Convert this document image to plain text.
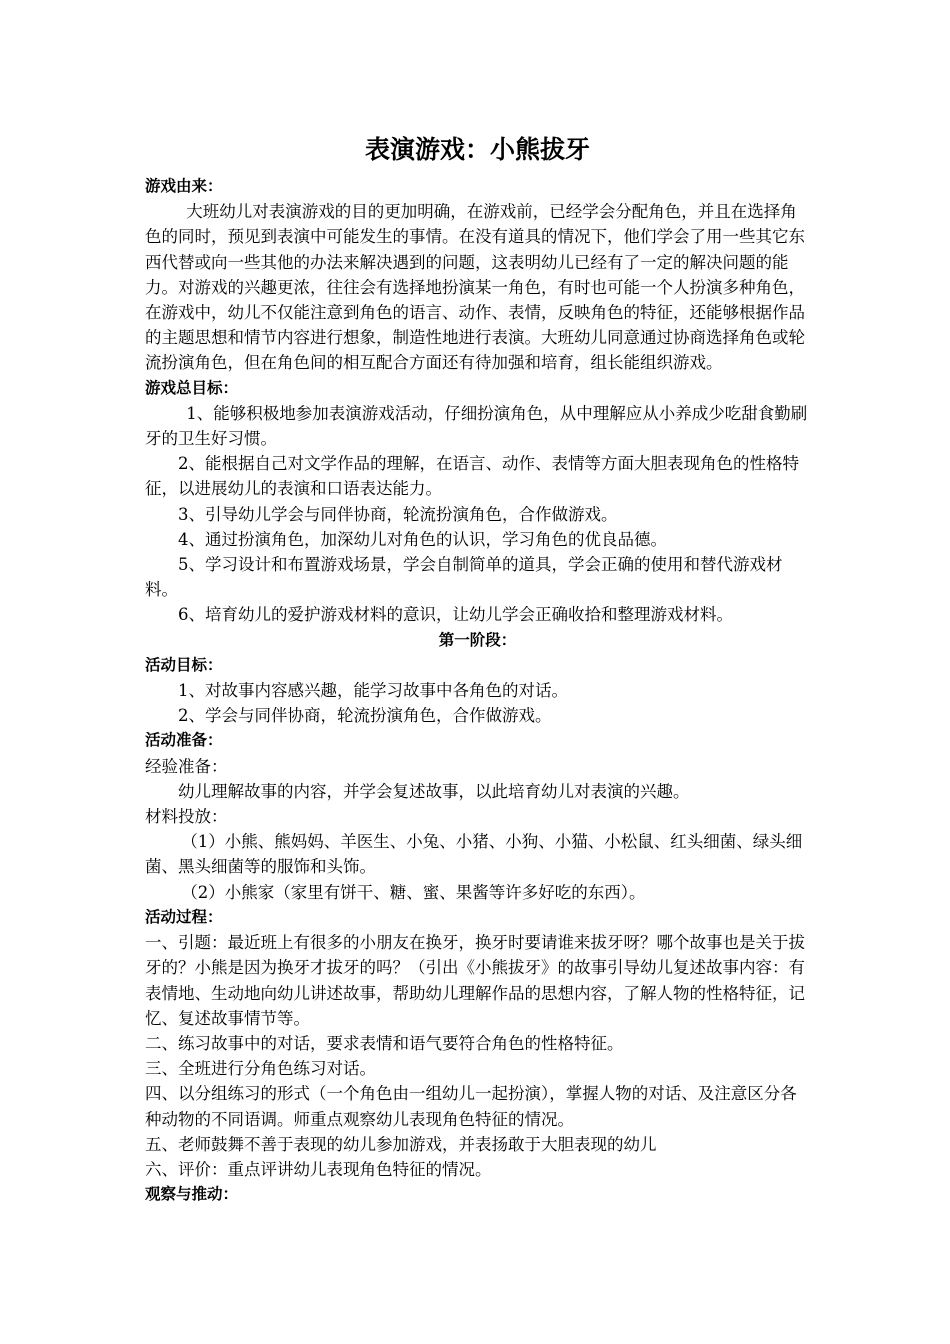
表演游戏：小熊拔牙

游戏由来：

大班幼儿对表演游戏的目的更加明确，在游戏前，已经学会分配角色，并且在选择角色的同时，预见到表演中可能发生的事情。在没有道具的情况下，他们学会了用一些其它东西代替或向一些其他的办法来解决遇到的问题，这表明幼儿已经有了一定的解决问题的能力。对游戏的兴趣更浓，往往会有选择地扮演某一角色，有时也可能一个人扮演多种角色，在游戏中，幼儿不仅能注意到角色的语言、动作、表情，反映角色的特征，还能够根据作品的主题思想和情节内容进行想象，制造性地进行表演。大班幼儿同意通过协商选择角色或轮流扮演角色，但在角色间的相互配合方面还有待加强和培育，组长能组织游戏。

游戏总目标：

1、能够积极地参加表演游戏活动，仔细扮演角色，从中理解应从小养成少吃甜食勤刷牙的卫生好习惯。

2、能根据自己对文学作品的理解，在语言、动作、表情等方面大胆表现角色的性格特征，以进展幼儿的表演和口语表达能力。

3、引导幼儿学会与同伴协商，轮流扮演角色，合作做游戏。

4、通过扮演角色，加深幼儿对角色的认识，学习角色的优良品德。

5、学习设计和布置游戏场景，学会自制简单的道具，学会正确的使用和替代游戏材料。

6、培育幼儿的爱护游戏材料的意识，让幼儿学会正确收拾和整理游戏材料。

第一阶段：

活动目标：

1、对故事内容感兴趣，能学习故事中各角色的对话。

2、学会与同伴协商，轮流扮演角色，合作做游戏。

活动准备：

经验准备：

幼儿理解故事的内容，并学会复述故事，以此培育幼儿对表演的兴趣。

材料投放：

（1）小熊、熊妈妈、羊医生、小兔、小猪、小狗、小猫、小松鼠、红头细菌、绿头细菌、黑头细菌等的服饰和头饰。

（2）小熊家（家里有饼干、糖、蜜、果酱等许多好吃的东西）。

活动过程：

一、引题：最近班上有很多的小朋友在换牙，换牙时要请谁来拔牙呀？哪个故事也是关于拔牙的？小熊是因为换牙才拔牙的吗？（引出《小熊拔牙》的故事引导幼儿复述故事内容：有表情地、生动地向幼儿讲述故事，帮助幼儿理解作品的思想内容，了解人物的性格特征，记忆、复述故事情节等。

二、练习故事中的对话，要求表情和语气要符合角色的性格特征。

三、全班进行分角色练习对话。

四、以分组练习的形式（一个角色由一组幼儿一起扮演），掌握人物的对话、及注意区分各种动物的不同语调。师重点观察幼儿表现角色特征的情况。

五、老师鼓舞不善于表现的幼儿参加游戏，并表扬敢于大胆表现的幼儿

六、评价：重点评讲幼儿表现角色特征的情况。

观察与推动：
